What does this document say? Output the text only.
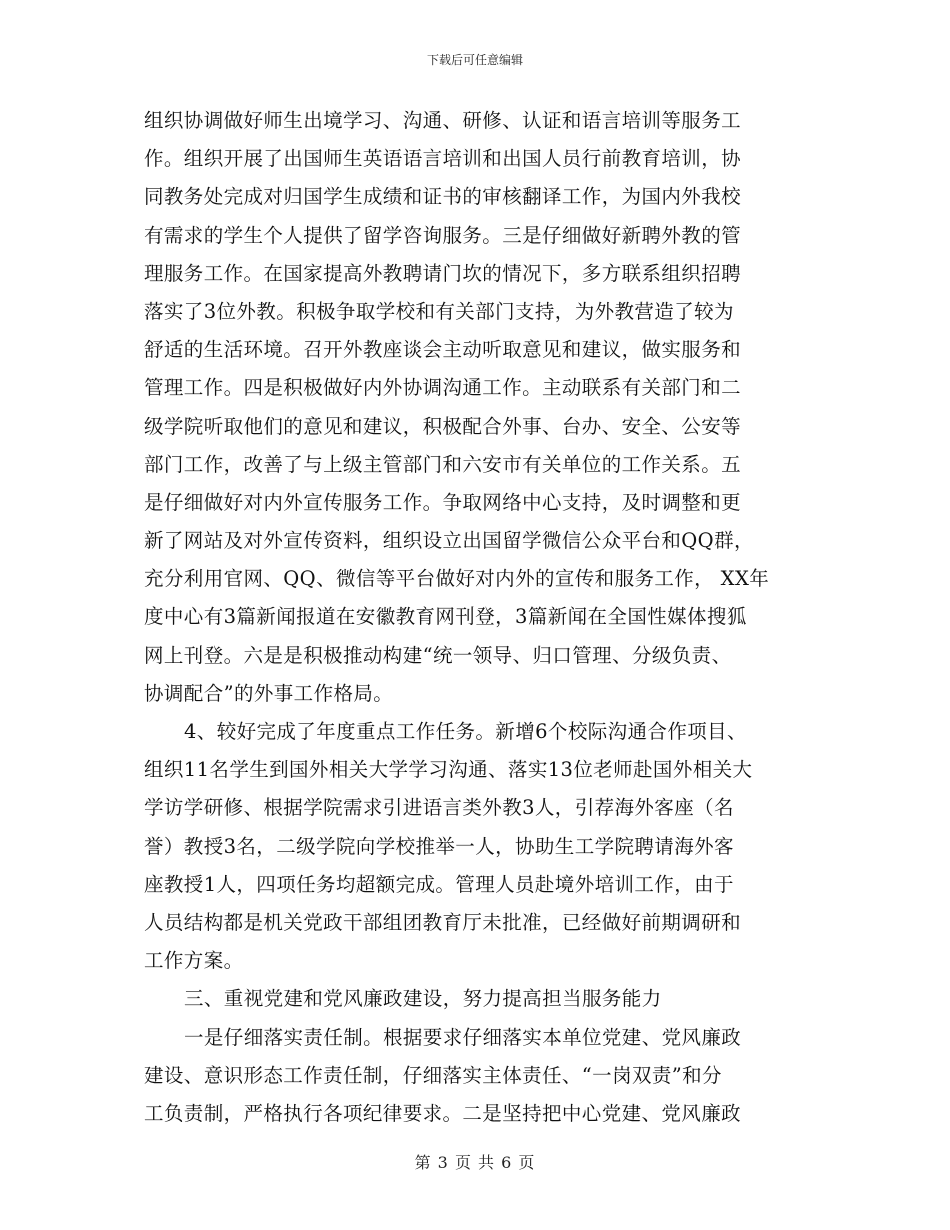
下载后可任意编辑
组织协调做好师生出境学习、沟通、研修、认证和语言培训等服务工
作。组织开展了出国师生英语语言培训和出国人员行前教育培训，协
同教务处完成对归国学生成绩和证书的审核翻译工作，为国内外我校
有需求的学生个人提供了留学咨询服务。三是仔细做好新聘外教的管
理服务工作。在国家提高外教聘请门坎的情况下，多方联系组织招聘
落实了3位外教。积极争取学校和有关部门支持，为外教营造了较为
舒适的生活环境。召开外教座谈会主动听取意见和建议，做实服务和
管理工作。四是积极做好内外协调沟通工作。主动联系有关部门和二
级学院听取他们的意见和建议，积极配合外事、台办、安全、公安等
部门工作，改善了与上级主管部门和六安市有关单位的工作关系。五
是仔细做好对内外宣传服务工作。争取网络中心支持，及时调整和更
新了网站及对外宣传资料，组织设立出国留学微信公众平台和QQ群，
充分利用官网、QQ、微信等平台做好对内外的宣传和服务工作， XX年
度中心有3篇新闻报道在安徽教育网刊登，3篇新闻在全国性媒体搜狐
网上刊登。六是是积极推动构建“统一领导、归口管理、分级负责、
协调配合”的外事工作格局。
4、较好完成了年度重点工作任务。新增6个校际沟通合作项目、
组织11名学生到国外相关大学学习沟通、落实13位老师赴国外相关大
学访学研修、根据学院需求引进语言类外教3人，引荐海外客座（名
誉）教授3名，二级学院向学校推举一人，协助生工学院聘请海外客
座教授1人，四项任务均超额完成。管理人员赴境外培训工作，由于
人员结构都是机关党政干部组团教育厅未批准，已经做好前期调研和
工作方案。
三、重视党建和党风廉政建设，努力提高担当服务能力
一是仔细落实责任制。根据要求仔细落实本单位党建、党风廉政
建设、意识形态工作责任制，仔细落实主体责任、“一岗双责”和分
工负责制，严格执行各项纪律要求。二是坚持把中心党建、党风廉政
第 3 页 共 6 页
